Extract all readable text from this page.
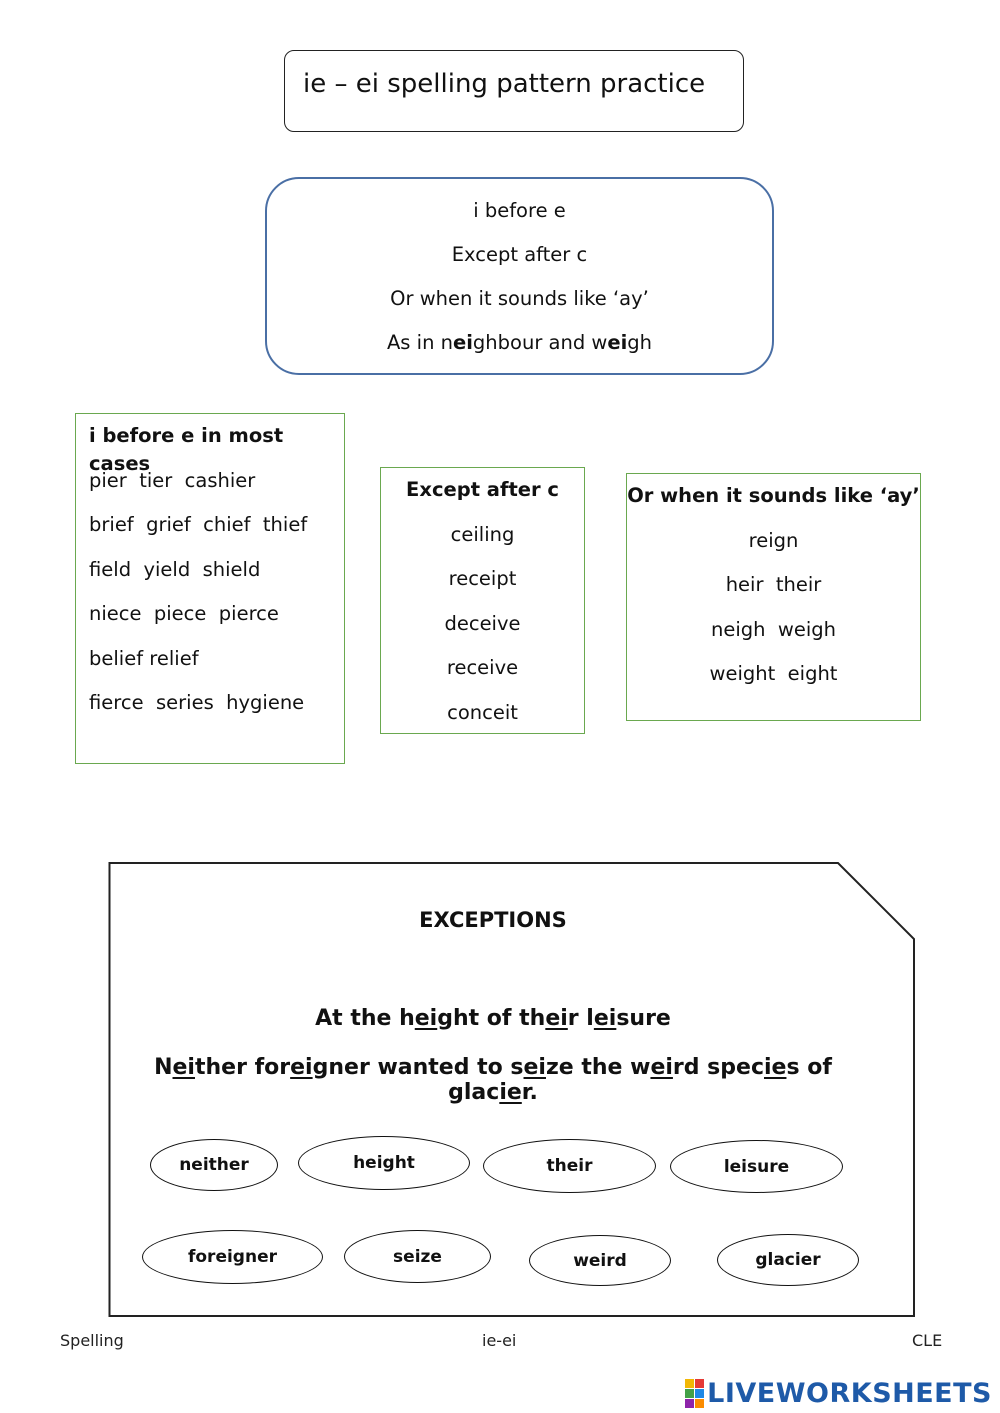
ie – ei spelling pattern practice
i before e
Except after c
Or when it sounds like ‘ay’
As in neighbour and weigh
i before e in most cases
pier  tier  cashier
brief  grief  chief  thief
field  yield  shield
niece  piece  pierce
belief relief
fierce  series  hygiene
Except after c
ceiling
receipt
deceive
receive
conceit
Or when it sounds like ‘ay’
reign
heir  their
neigh  weigh
weight  eight
EXCEPTIONS
At the height of their leisure
Neither foreigner wanted to seize the weird species of glacier.
neither	height	their	leisure
foreigner	seize	weird	glacier
Spelling	ie-ei	CLE
LIVEWORKSHEETS
